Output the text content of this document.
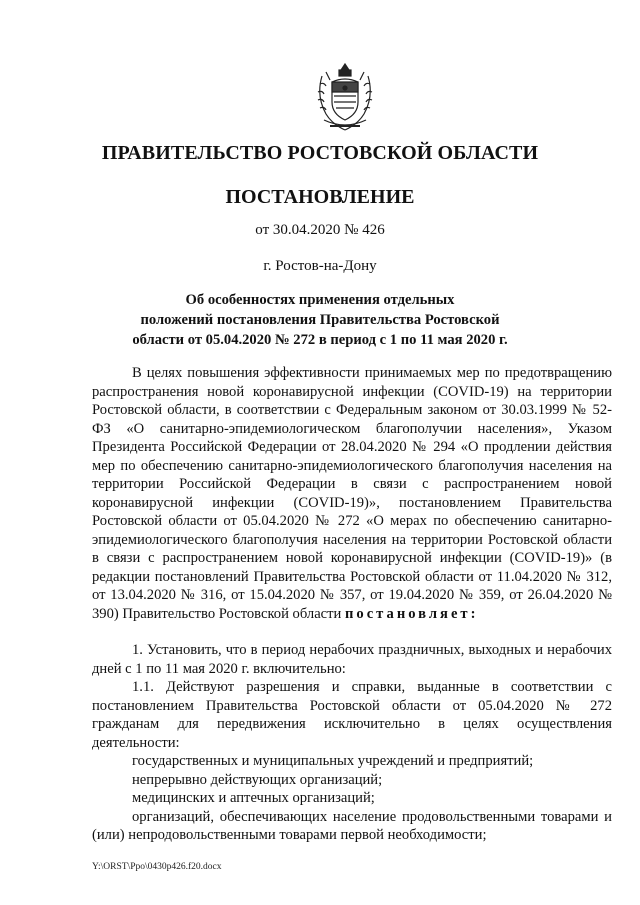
ПРАВИТЕЛЬСТВО РОСТОВСКОЙ ОБЛАСТИ
ПОСТАНОВЛЕНИЕ
от 30.04.2020 № 426
г. Ростов-на-Дону
Об особенностях применения отдельных
положений постановления Правительства Ростовской
области от 05.04.2020 № 272 в период с 1 по 11 мая 2020 г.

В целях повышения эффективности принимаемых мер по предотвращению распространения новой коронавирусной инфекции (COVID-19) на территории Ростовской области, в соответствии с Федеральным законом от 30.03.1999 № 52-ФЗ «О санитарно-эпидемиологическом благополучии населения», Указом Президента Российской Федерации от 28.04.2020 № 294 «О продлении действия мер по обеспечению санитарно-эпидемиологического благополучия населения на территории Российской Федерации в связи с распространением новой коронавирусной инфекции (COVID-19)», постановлением Правительства Ростовской области от 05.04.2020 № 272 «О мерах по обеспечению санитарно-эпидемиологического благополучия населения на территории Ростовской области в связи с распространением новой коронавирусной инфекции (COVID-19)» (в редакции постановлений Правительства Ростовской области от 11.04.2020 № 312, от 13.04.2020 № 316, от 15.04.2020 № 357, от 19.04.2020 № 359, от 26.04.2020 № 390) Правительство Ростовской области постановляет:

1. Установить, что в период нерабочих праздничных, выходных и нерабочих дней с 1 по 11 мая 2020 г. включительно:

1.1. Действуют разрешения и справки, выданные в соответствии с постановлением Правительства Ростовской области от 05.04.2020 № 272 гражданам для передвижения исключительно в целях осуществления деятельности:

государственных и муниципальных учреждений и предприятий;

непрерывно действующих организаций;

медицинских и аптечных организаций;

организаций, обеспечивающих население продовольственными товарами и (или) непродовольственными товарами первой необходимости;

Y:\ORST\Ppo\0430p426.f20.docx
